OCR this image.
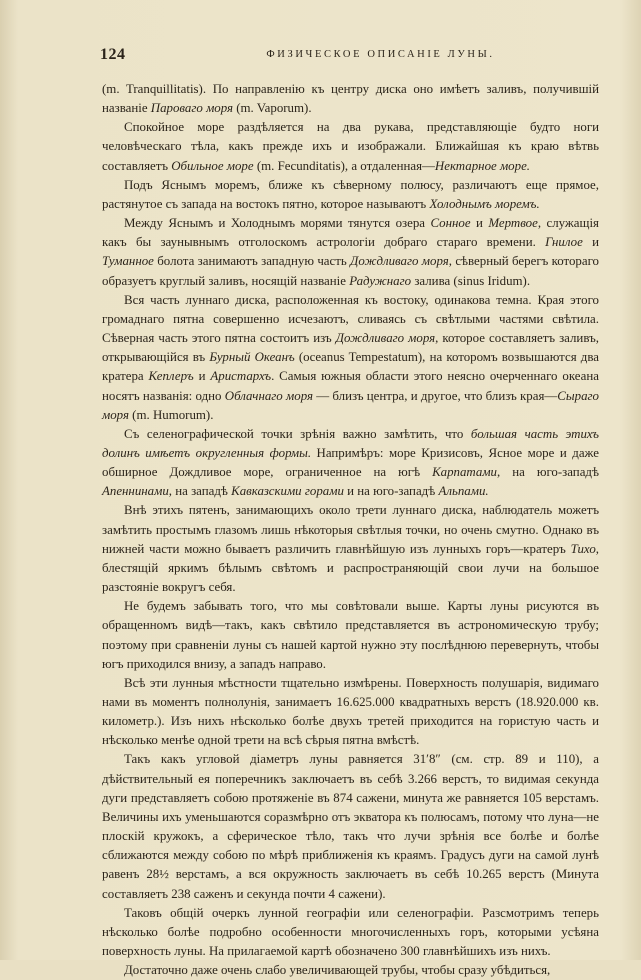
124	ФИЗИЧЕСКОЕ ОПИСАНІЕ ЛУНЫ.

(m. Tranquillitatis). По направленію къ центру диска оно имѣетъ заливъ, получившій названіе Пароваго моря (m. Vaporum).

Спокойное море раздѣляется на два рукава, представляющіе будто ноги человѣческаго тѣла, какъ прежде ихъ и изображали. Ближайшая къ краю вѣтвь составляетъ Обильное море (m. Fecunditatis), а отдаленная—Нектарное море.

Подъ Яснымъ моремъ, ближе къ сѣверному полюсу, различаютъ еще прямое, растянутое съ запада на востокъ пятно, которое называютъ Холоднымъ моремъ.

Между Яснымъ и Холоднымъ морями тянутся озера Сонное и Мертвое, служащія какъ бы заунывнымъ отголоскомъ астрологіи добраго стараго времени. Гнилое и Туманное болота занимаютъ западную часть Дождливаго моря, сѣверный берегъ котораго образуетъ круглый заливъ, носящій названіе Радужнаго залива (sinus Iridum).

Вся часть луннаго диска, расположенная къ востоку, одинакова темна. Края этого громаднаго пятна совершенно исчезаютъ, сливаясь съ свѣтлыми частями свѣтила. Сѣверная часть этого пятна состоитъ изъ Дождливаго моря, которое составляетъ заливъ, открывающійся въ Бурный Океанъ (oceanus Tempestatum), на которомъ возвышаются два кратера Кеплеръ и Аристархъ. Самыя южныя области этого неясно очерченнаго океана носятъ названія: одно Облачнаго моря — близъ центра, и другое, что близъ края—Сыраго моря (m. Humorum).

Съ селенографической точки зрѣнія важно замѣтить, что большая часть этихъ долинъ имѣетъ округленныя формы. Напримѣръ: море Кризисовъ, Ясное море и даже обширное Дождливое море, ограниченное на югѣ Карпатами, на юго-западѣ Апеннинами, на западѣ Кавказскими горами и на юго-западѣ Альпами.

Внѣ этихъ пятенъ, занимающихъ около трети луннаго диска, наблюдатель можетъ замѣтить простымъ глазомъ лишь нѣкоторыя свѣтлыя точки, но очень смутно. Однако въ нижней части можно бываетъ различить главнѣйшую изъ лунныхъ горъ—кратеръ Тихо, блестящій яркимъ бѣлымъ свѣтомъ и распространяющій свои лучи на большое разстояніе вокругъ себя.

Не будемъ забывать того, что мы совѣтовали выше. Карты луны рисуются въ обращенномъ видѣ—такъ, какъ свѣтило представляется въ астрономическую трубу; поэтому при сравненіи луны съ нашей картой нужно эту послѣднюю перевернуть, чтобы югъ приходился внизу, а западъ направо.

Всѣ эти лунныя мѣстности тщательно измѣрены. Поверхность полушарія, видимаго нами въ моментъ полнолунія, занимаетъ 16.625.000 квадратныхъ верстъ (18.920.000 кв. километр.). Изъ нихъ нѣсколько болѣе двухъ третей приходится на гористую часть и нѣсколько менѣе одной трети на всѣ сѣрыя пятна вмѣстѣ.

Такъ какъ угловой діаметръ луны равняется 31′8″ (см. стр. 89 и 110), а дѣйствительный ея поперечникъ заключаетъ въ себѣ 3.266 верстъ, то видимая секунда дуги представляетъ собою протяженіе въ 874 сажени, минута же равняется 105 верстамъ. Величины ихъ уменьшаются соразмѣрно отъ экватора къ полюсамъ, потому что луна—не плоскій кружокъ, а сферическое тѣло, такъ что лучи зрѣнія все болѣе и болѣе сближаются между собою по мѣрѣ приближенія къ краямъ. Градусъ дуги на самой лунѣ равенъ 28½ верстамъ, а вся окружность заключаетъ въ себѣ 10.265 верстъ (Минута составляетъ 238 саженъ и секунда почти 4 сажени).

Таковъ общій очеркъ лунной географіи или селенографіи. Разсмотримъ теперь нѣсколько болѣе подробно особенности многочисленныхъ горъ, которыми усѣяна поверхность луны. На прилагаемой картѣ обозначено 300 главнѣйшихъ изъ нихъ.

Достаточно даже очень слабо увеличивающей трубы, чтобы сразу убѣдиться,
